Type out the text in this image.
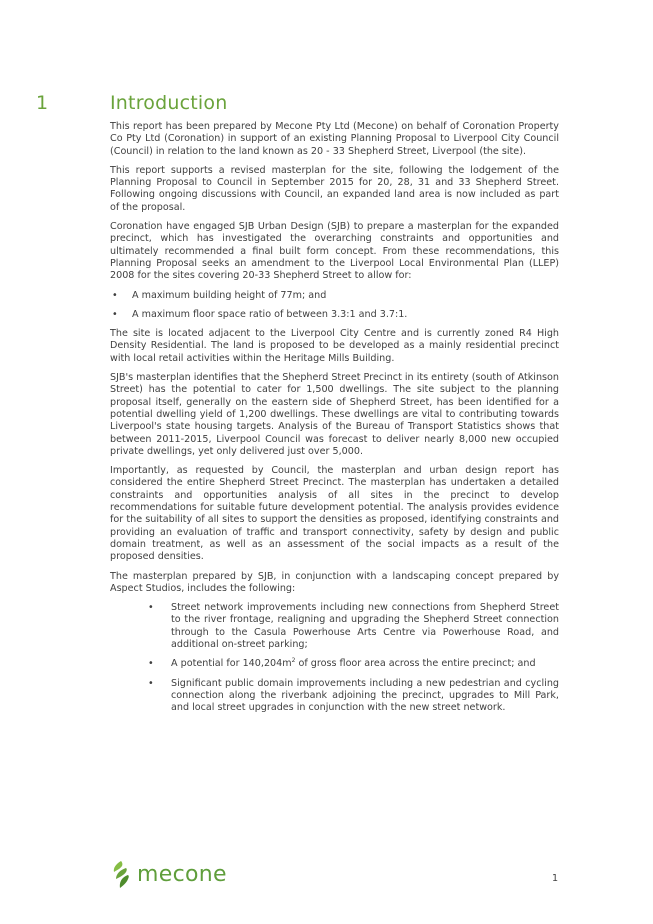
1	Introduction

This report has been prepared by Mecone Pty Ltd (Mecone) on behalf of Coronation Property Co Pty Ltd (Coronation) in support of an existing Planning Proposal to Liverpool City Council (Council) in relation to the land known as 20 - 33 Shepherd Street, Liverpool (the site).

This report supports a revised masterplan for the site, following the lodgement of the Planning Proposal to Council in September 2015 for 20, 28, 31 and 33 Shepherd Street. Following ongoing discussions with Council, an expanded land area is now included as part of the proposal.

Coronation have engaged SJB Urban Design (SJB) to prepare a masterplan for the expanded precinct, which has investigated the overarching constraints and opportunities and ultimately recommended a final built form concept. From these recommendations, this Planning Proposal seeks an amendment to the Liverpool Local Environmental Plan (LLEP) 2008 for the sites covering 20-33 Shepherd Street to allow for:

• A maximum building height of 77m; and
• A maximum floor space ratio of between 3.3:1 and 3.7:1.

The site is located adjacent to the Liverpool City Centre and is currently zoned R4 High Density Residential. The land is proposed to be developed as a mainly residential precinct with local retail activities within the Heritage Mills Building.

SJB's masterplan identifies that the Shepherd Street Precinct in its entirety (south of Atkinson Street) has the potential to cater for 1,500 dwellings. The site subject to the planning proposal itself, generally on the eastern side of Shepherd Street, has been identified for a potential dwelling yield of 1,200 dwellings. These dwellings are vital to contributing towards Liverpool's state housing targets. Analysis of the Bureau of Transport Statistics shows that between 2011-2015, Liverpool Council was forecast to deliver nearly 8,000 new occupied private dwellings, yet only delivered just over 5,000.

Importantly, as requested by Council, the masterplan and urban design report has considered the entire Shepherd Street Precinct. The masterplan has undertaken a detailed constraints and opportunities analysis of all sites in the precinct to develop recommendations for suitable future development potential. The analysis provides evidence for the suitability of all sites to support the densities as proposed, identifying constraints and providing an evaluation of traffic and transport connectivity, safety by design and public domain treatment, as well as an assessment of the social impacts as a result of the proposed densities.

The masterplan prepared by SJB, in conjunction with a landscaping concept prepared by Aspect Studios, includes the following:

• Street network improvements including new connections from Shepherd Street to the river frontage, realigning and upgrading the Shepherd Street connection through to the Casula Powerhouse Arts Centre via Powerhouse Road, and additional on-street parking;
• A potential for $140,204m^2$ of gross floor area across the entire precinct; and
• Significant public domain improvements including a new pedestrian and cycling connection along the riverbank adjoining the precinct, upgrades to Mill Park, and local street upgrades in conjunction with the new street network.
mecone	1
